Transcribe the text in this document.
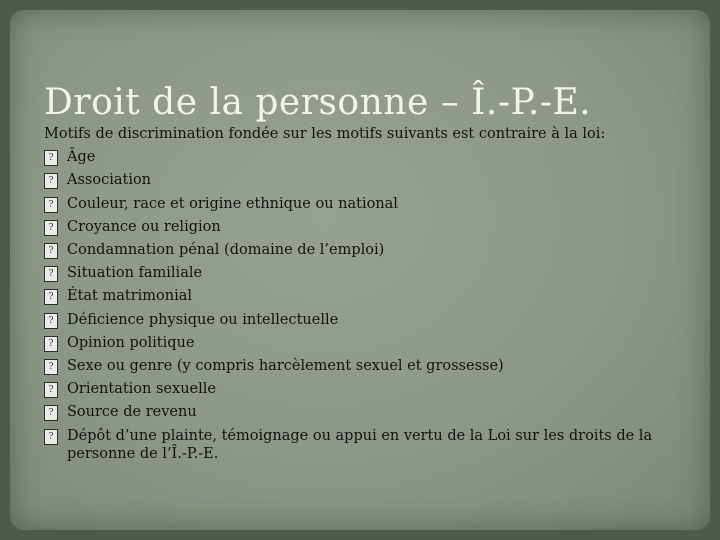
Droit de la personne – Î.-P.-E.

Motifs de discrimination fondée sur les motifs suivants est contraire à la loi:

? Âge
? Association
? Couleur, race et origine ethnique ou national
? Croyance ou religion
? Condamnation pénal (domaine de l’emploi)
? Situation familiale
? État matrimonial
? Déficience physique ou intellectuelle
? Opinion politique
? Sexe ou genre (y compris harcèlement sexuel et grossesse)
? Orientation sexuelle
? Source de revenu
? Dépôt d’une plainte, témoignage ou appui en vertu de la Loi sur les droits de la personne de l’Î.-P.-E.
